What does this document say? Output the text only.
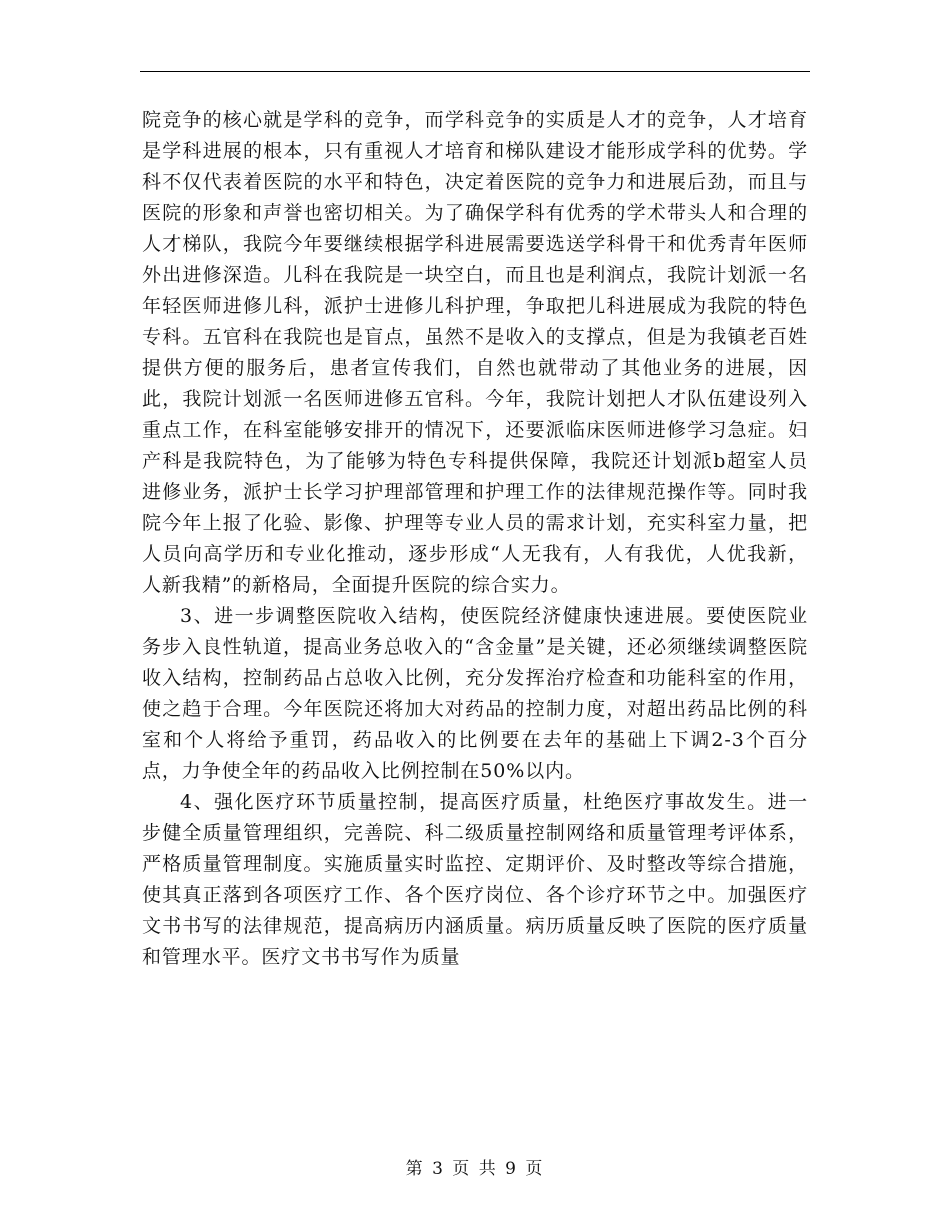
院竞争的核心就是学科的竞争，而学科竞争的实质是人才的竞争，人才培育是学科进展的根本，只有重视人才培育和梯队建设才能形成学科的优势。学科不仅代表着医院的水平和特色，决定着医院的竞争力和进展后劲，而且与医院的形象和声誉也密切相关。为了确保学科有优秀的学术带头人和合理的人才梯队，我院今年要继续根据学科进展需要选送学科骨干和优秀青年医师外出进修深造。儿科在我院是一块空白，而且也是利润点，我院计划派一名年轻医师进修儿科，派护士进修儿科护理，争取把儿科进展成为我院的特色专科。五官科在我院也是盲点，虽然不是收入的支撑点，但是为我镇老百姓提供方便的服务后，患者宣传我们，自然也就带动了其他业务的进展，因此，我院计划派一名医师进修五官科。今年，我院计划把人才队伍建设列入重点工作，在科室能够安排开的情况下，还要派临床医师进修学习急症。妇产科是我院特色，为了能够为特色专科提供保障，我院还计划派b超室人员进修业务，派护士长学习护理部管理和护理工作的法律规范操作等。同时我院今年上报了化验、影像、护理等专业人员的需求计划，充实科室力量，把人员向高学历和专业化推动，逐步形成“人无我有，人有我优，人优我新，人新我精”的新格局，全面提升医院的综合实力。

3、进一步调整医院收入结构，使医院经济健康快速进展。要使医院业务步入良性轨道，提高业务总收入的“含金量”是关键，还必须继续调整医院收入结构，控制药品占总收入比例，充分发挥治疗检查和功能科室的作用，使之趋于合理。今年医院还将加大对药品的控制力度，对超出药品比例的科室和个人将给予重罚，药品收入的比例要在去年的基础上下调2-3个百分点，力争使全年的药品收入比例控制在50%以内。

4、强化医疗环节质量控制，提高医疗质量，杜绝医疗事故发生。进一步健全质量管理组织，完善院、科二级质量控制网络和质量管理考评体系，严格质量管理制度。实施质量实时监控、定期评价、及时整改等综合措施，使其真正落到各项医疗工作、各个医疗岗位、各个诊疗环节之中。加强医疗文书书写的法律规范，提高病历内涵质量。病历质量反映了医院的医疗质量和管理水平。医疗文书书写作为质量

第 3 页 共 9 页
